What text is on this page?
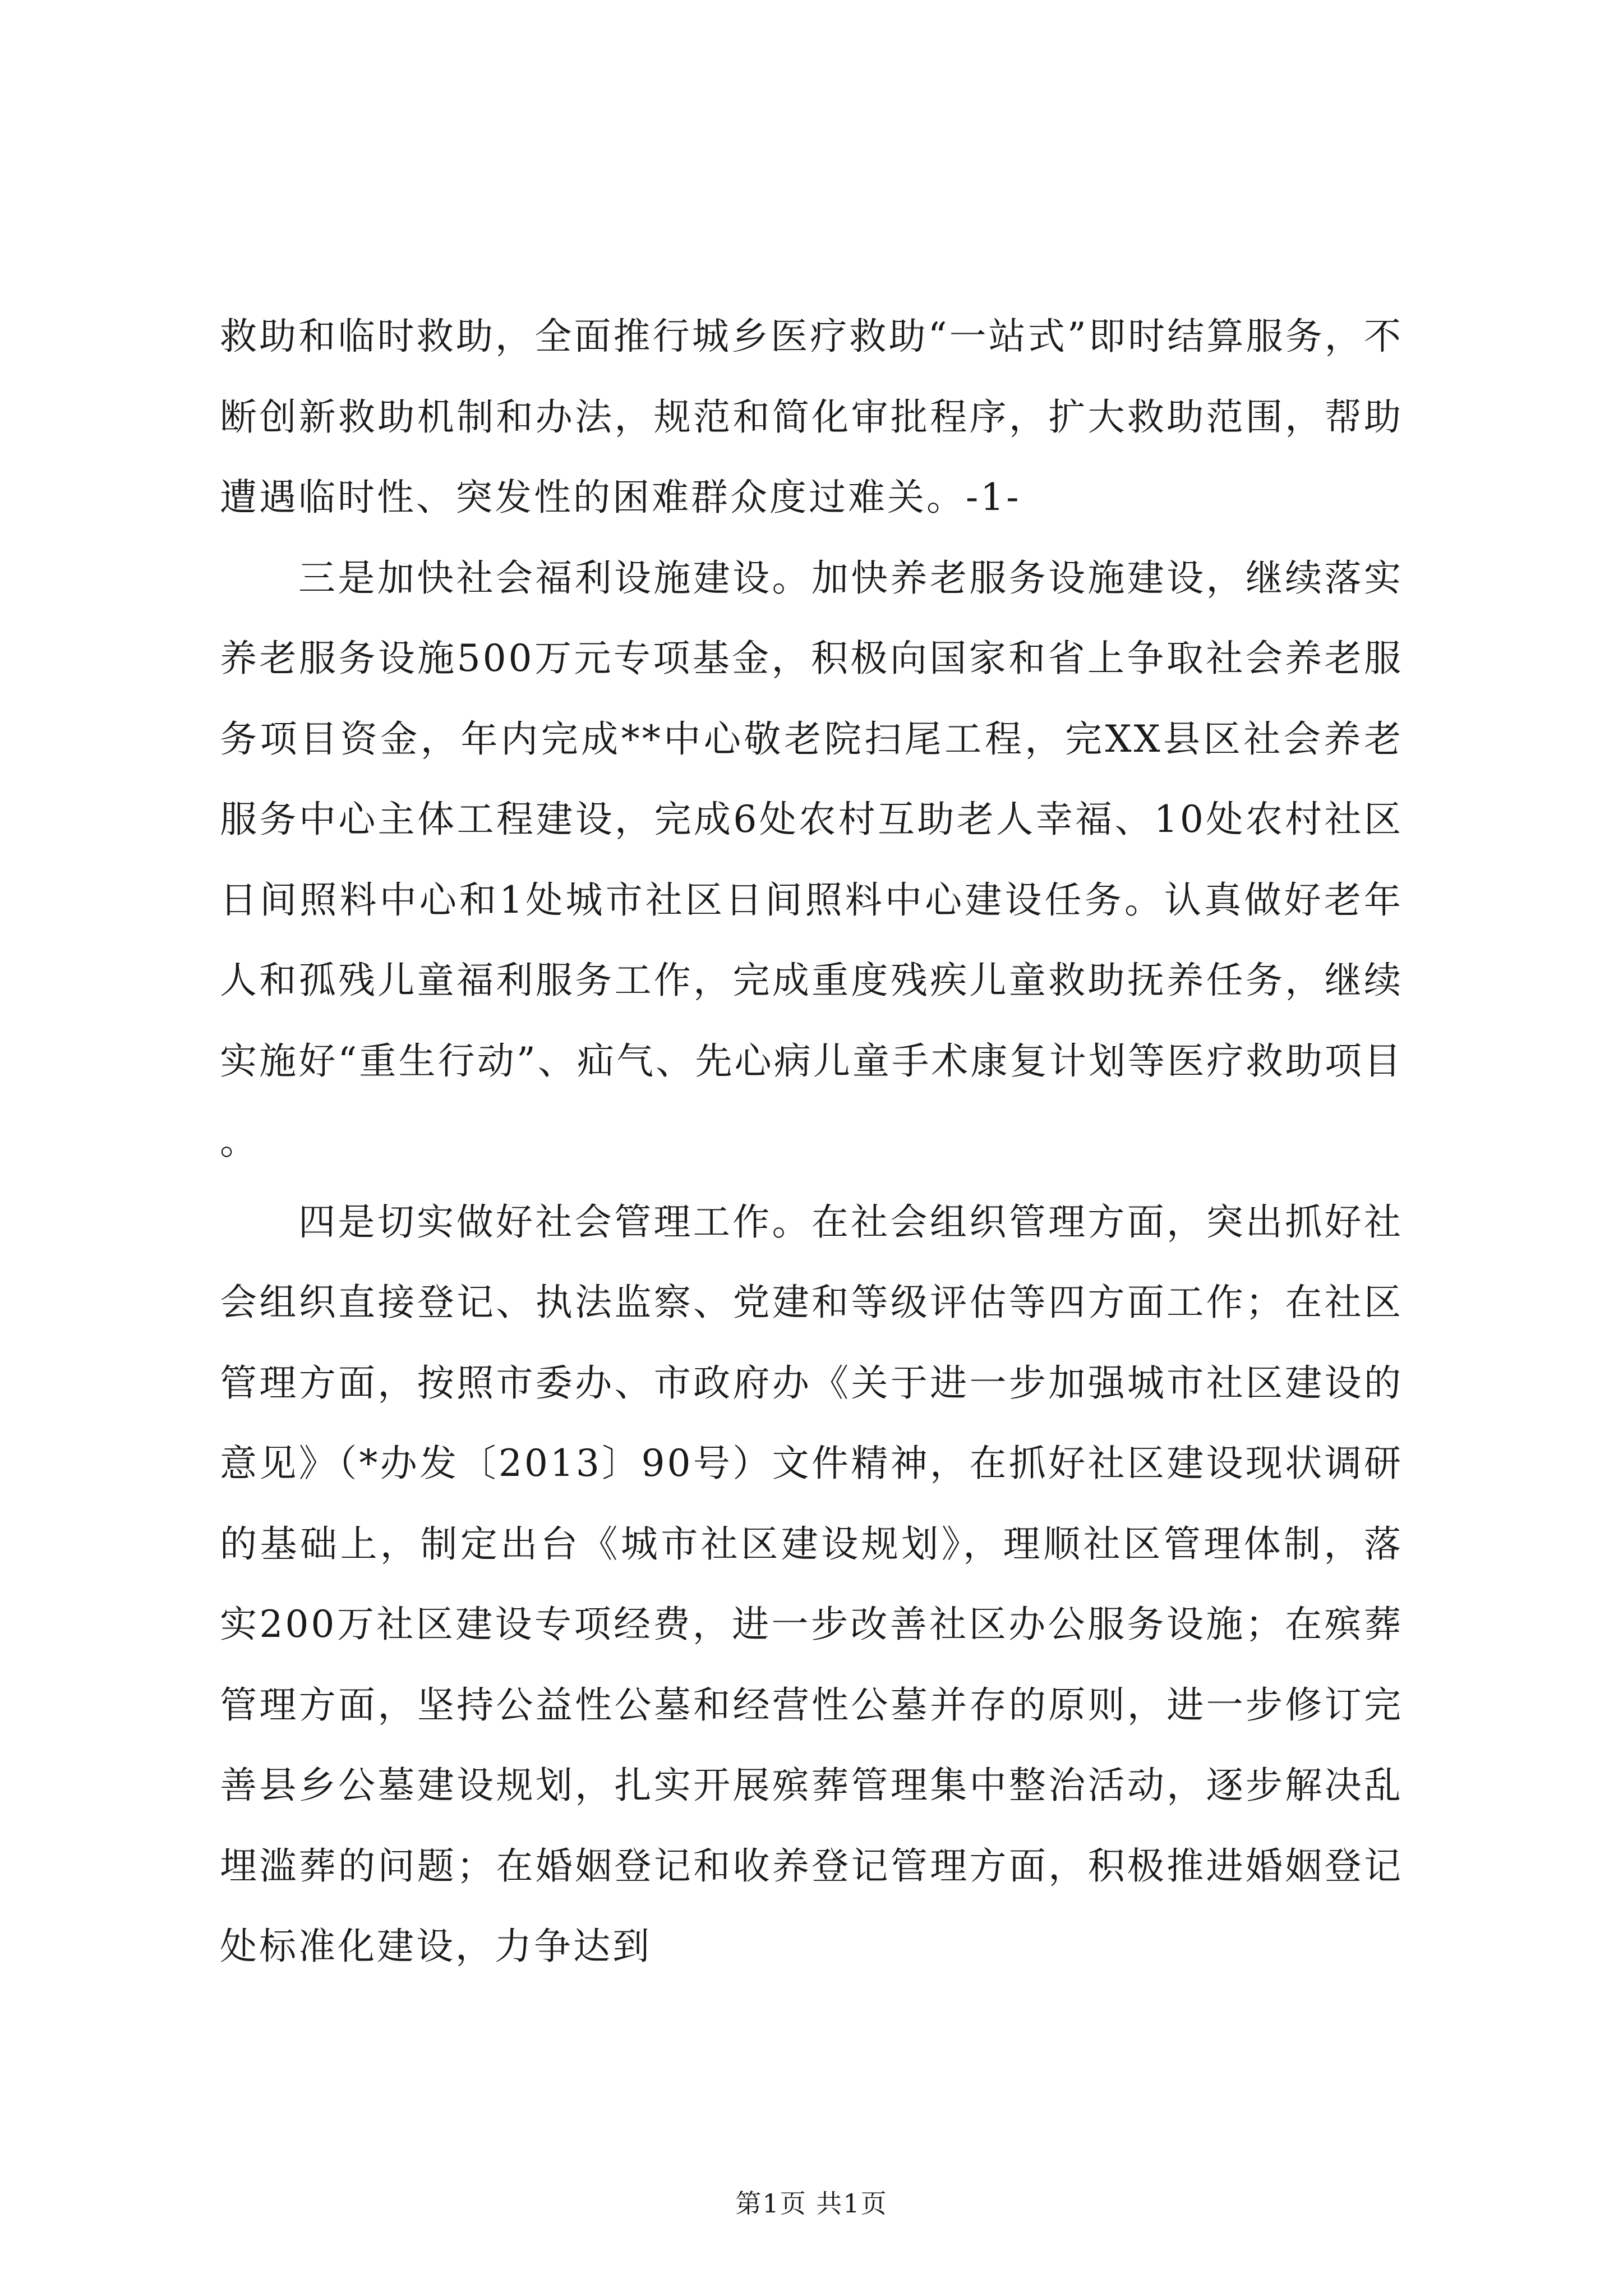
救助和临时救助，全面推行城乡医疗救助“一站式”即时结算服务，不断创新救助机制和办法，规范和简化审批程序，扩大救助范围，帮助遭遇临时性、突发性的困难群众度过难关。-1-

三是加快社会福利设施建设。加快养老服务设施建设，继续落实养老服务设施500万元专项基金，积极向国家和省上争取社会养老服务项目资金，年内完成**中心敬老院扫尾工程，完XX县区社会养老服务中心主体工程建设，完成6处农村互助老人幸福、10处农村社区日间照料中心和1处城市社区日间照料中心建设任务。认真做好老年人和孤残儿童福利服务工作，完成重度残疾儿童救助抚养任务，继续实施好“重生行动”、疝气、先心病儿童手术康复计划等医疗救助项目。

四是切实做好社会管理工作。在社会组织管理方面，突出抓好社会组织直接登记、执法监察、党建和等级评估等四方面工作；在社区管理方面，按照市委办、市政府办《关于进一步加强城市社区建设的意见》（*办发〔2013〕90号）文件精神，在抓好社区建设现状调研的基础上，制定出台《城市社区建设规划》，理顺社区管理体制，落实200万社区建设专项经费，进一步改善社区办公服务设施；在殡葬管理方面，坚持公益性公墓和经营性公墓并存的原则，进一步修订完善县乡公墓建设规划，扎实开展殡葬管理集中整治活动，逐步解决乱埋滥葬的问题；在婚姻登记和收养登记管理方面，积极推进婚姻登记处标准化建设，力争达到

第1页 共1页
